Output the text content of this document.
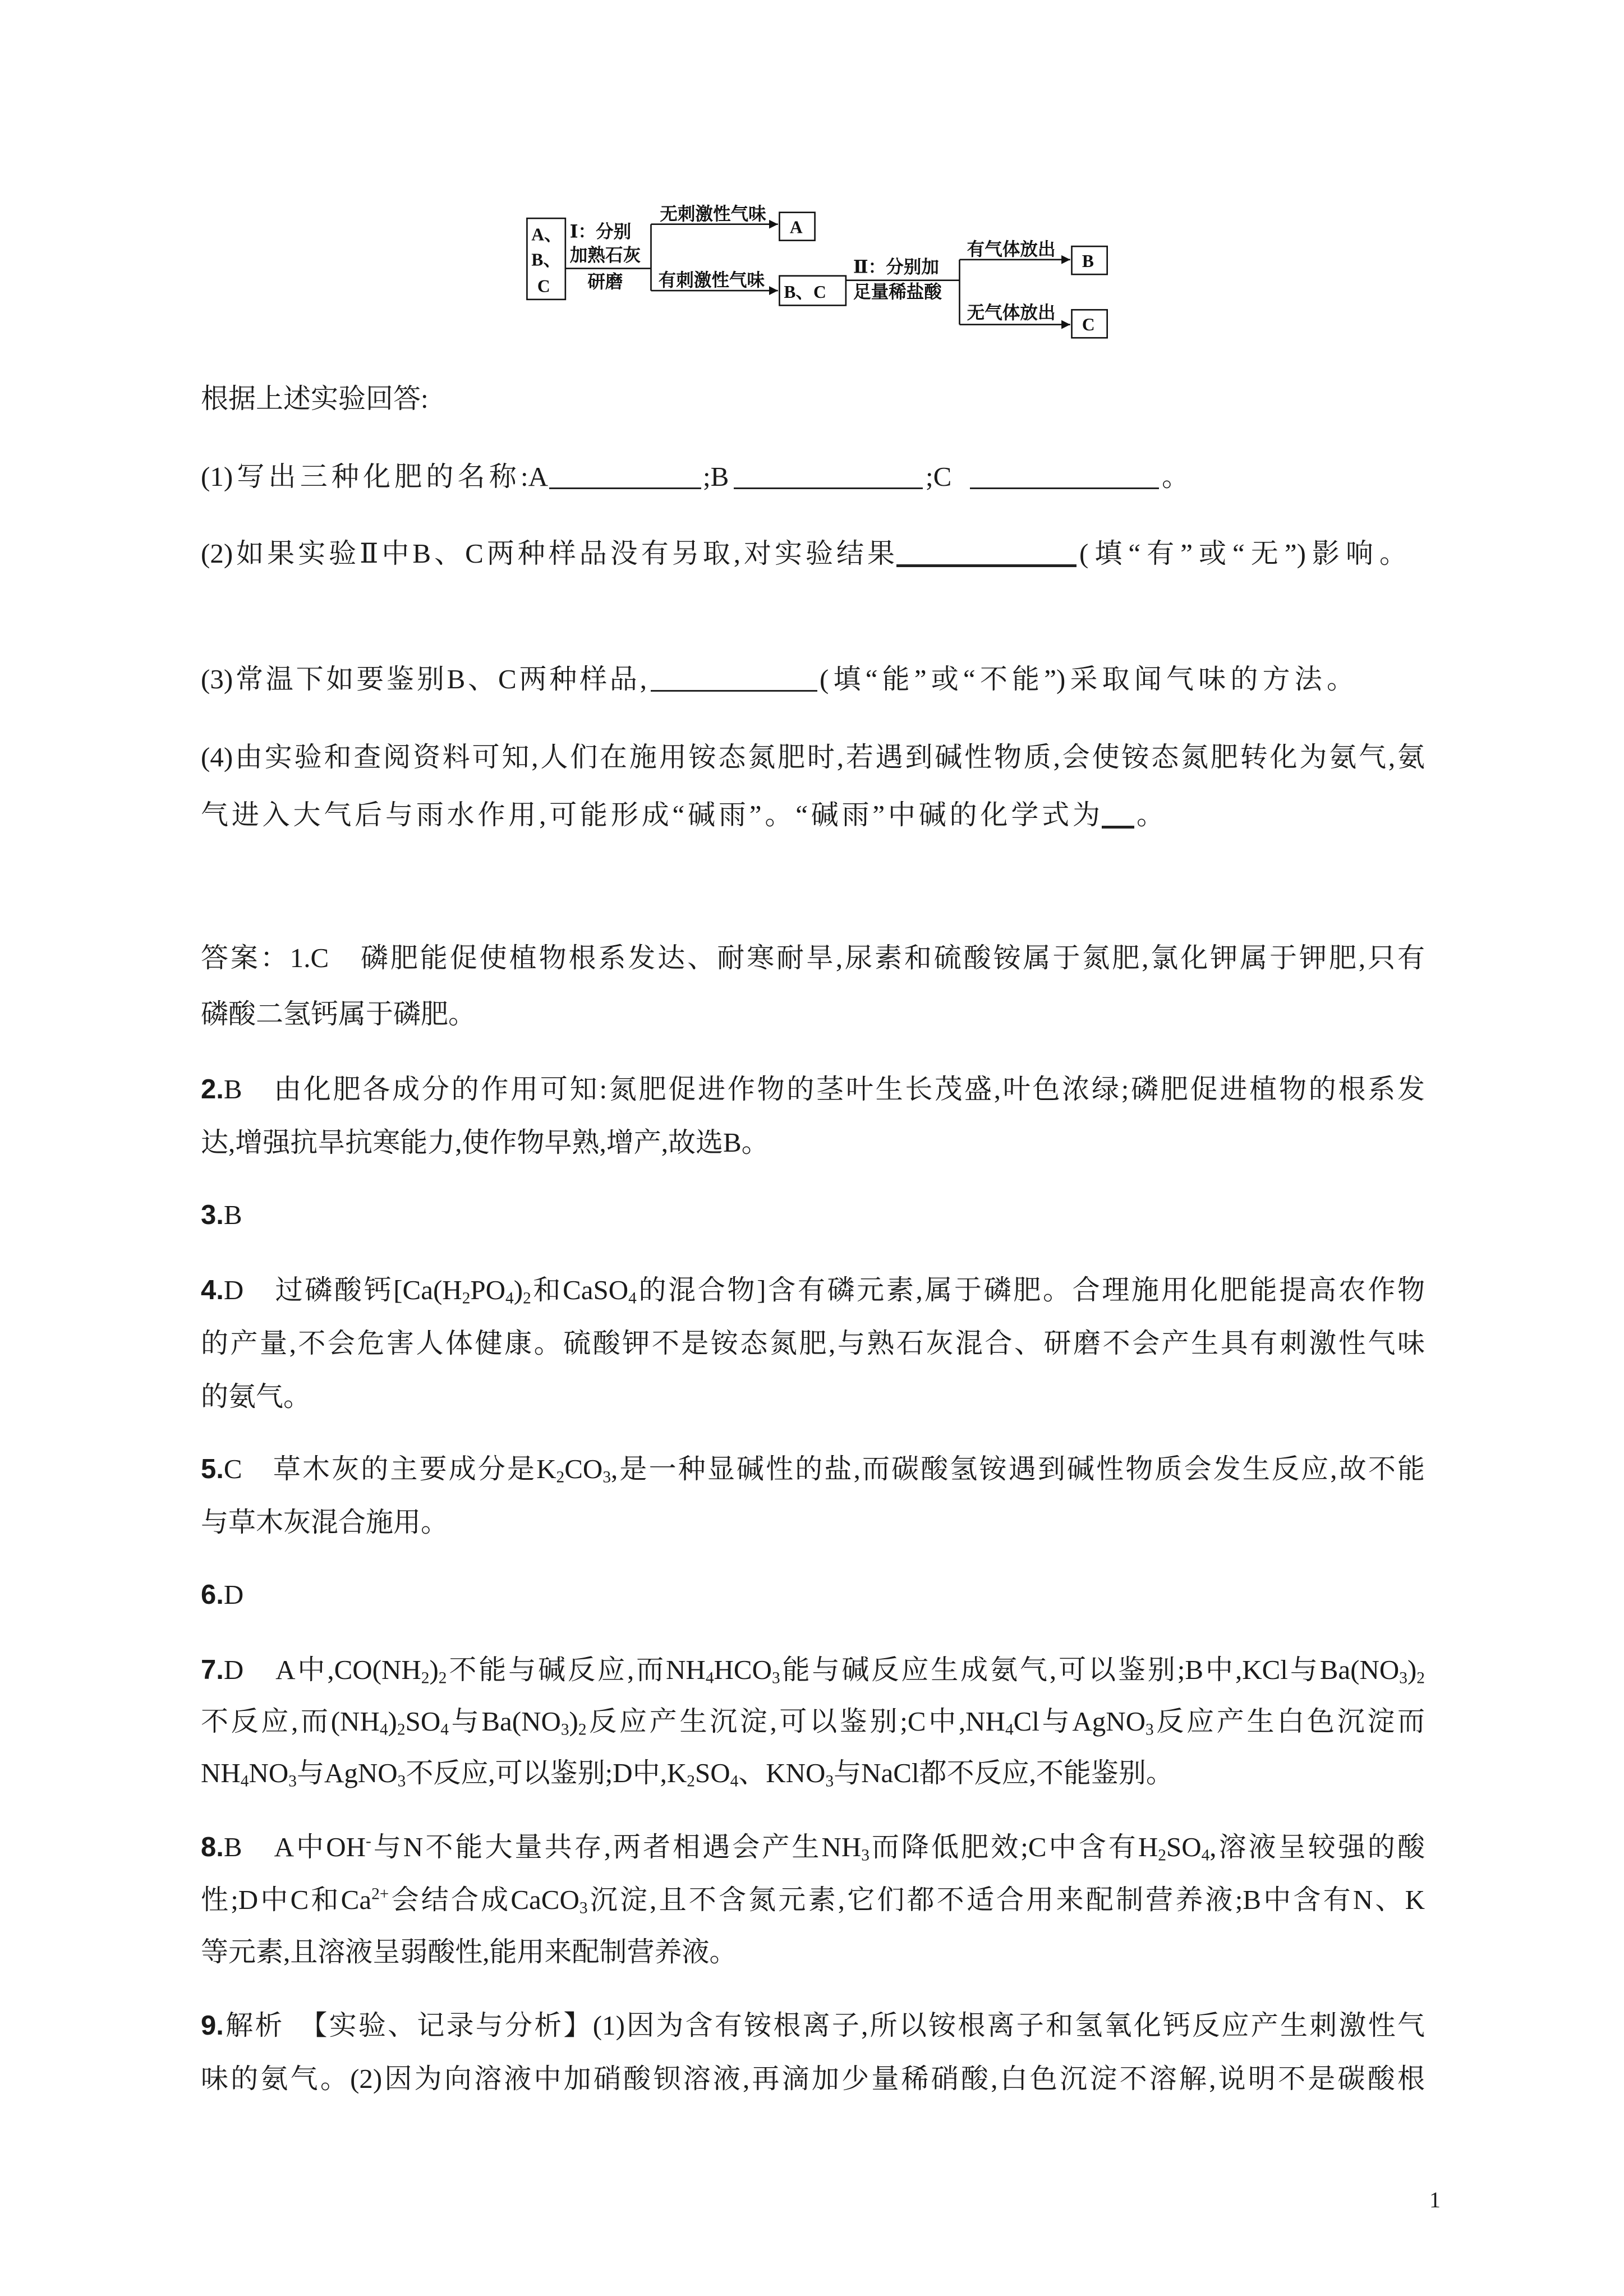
A、
B、
C
Ⅰ：分别
加熟石灰
研磨
无刺激性气味
A
有刺激性气味
B、C
Ⅱ：分别加
足量稀盐酸
有气体放出
B
无气体放出
C
根据上述实验回答:
(1)写出三种化肥的名称:A	;B	;C	。
(2)如果实验Ⅱ中B、C两种样品没有另取,对实验结果	(填“有”或“无”)影响。
(3)常温下如要鉴别B、C两种样品,	(填“能”或“不能”)采取闻气味的方法。
(4)由实验和查阅资料可知,人们在施用铵态氮肥时,若遇到碱性物质,会使铵态氮肥转化为氨气,氨
气进入大气后与雨水作用,可能形成“碱雨”。“碱雨”中碱的化学式为 。
答案：1.C　磷肥能促使植物根系发达、耐寒耐旱,尿素和硫酸铵属于氮肥,氯化钾属于钾肥,只有
磷酸二氢钙属于磷肥。
2.B　由化肥各成分的作用可知:氮肥促进作物的茎叶生长茂盛,叶色浓绿;磷肥促进植物的根系发
达,增强抗旱抗寒能力,使作物早熟,增产,故选B。
3.B
4.D　过磷酸钙[$Ca(H_2PO_4)_2$和CaSO$_4$的混合物]含有磷元素,属于磷肥。合理施用化肥能提高农作物
的产量,不会危害人体健康。硫酸钾不是铵态氮肥,与熟石灰混合、研磨不会产生具有刺激性气味
的氨气。
5.C　草木灰的主要成分是$K_2CO_3$,是一种显碱性的盐,而碳酸氢铵遇到碱性物质会发生反应,故不能
与草木灰混合施用。
6.D
7.D　A中$,CO(NH_2)_2$不能与碱反应,而$NH_4HCO_3$能与碱反应生成氨气,可以鉴别;B中,KCl与$Ba(NO_3)_2$
不反应,而$(NH_4)_2SO_4$与$Ba(NO_3)_2$反应产生沉淀,可以鉴别;C中$,NH_4Cl$与AgNO$_3$反应产生白色沉淀而
$NH_4NO_3$与AgNO$_3$不反应,可以鉴别;D中$,K_2SO_4$、$KNO_3$与NaCl都不反应,不能鉴别。
8.B　A中OH-与N不能大量共存,两者相遇会产生$NH_3$而降低肥效;C中含有$H_2SO_4$,溶液呈较强的酸
性;D中C和$Ca^{2+}$会结合成CaCO$_3$沉淀,且不含氮元素,它们都不适合用来配制营养液;B中含有N、K
等元素,且溶液呈弱酸性,能用来配制营养液。
9.解析　【实验、记录与分析】(1)因为含有铵根离子,所以铵根离子和氢氧化钙反应产生刺激性气
味的氨气。(2)因为向溶液中加硝酸钡溶液,再滴加少量稀硝酸,白色沉淀不溶解,说明不是碳酸根
1
